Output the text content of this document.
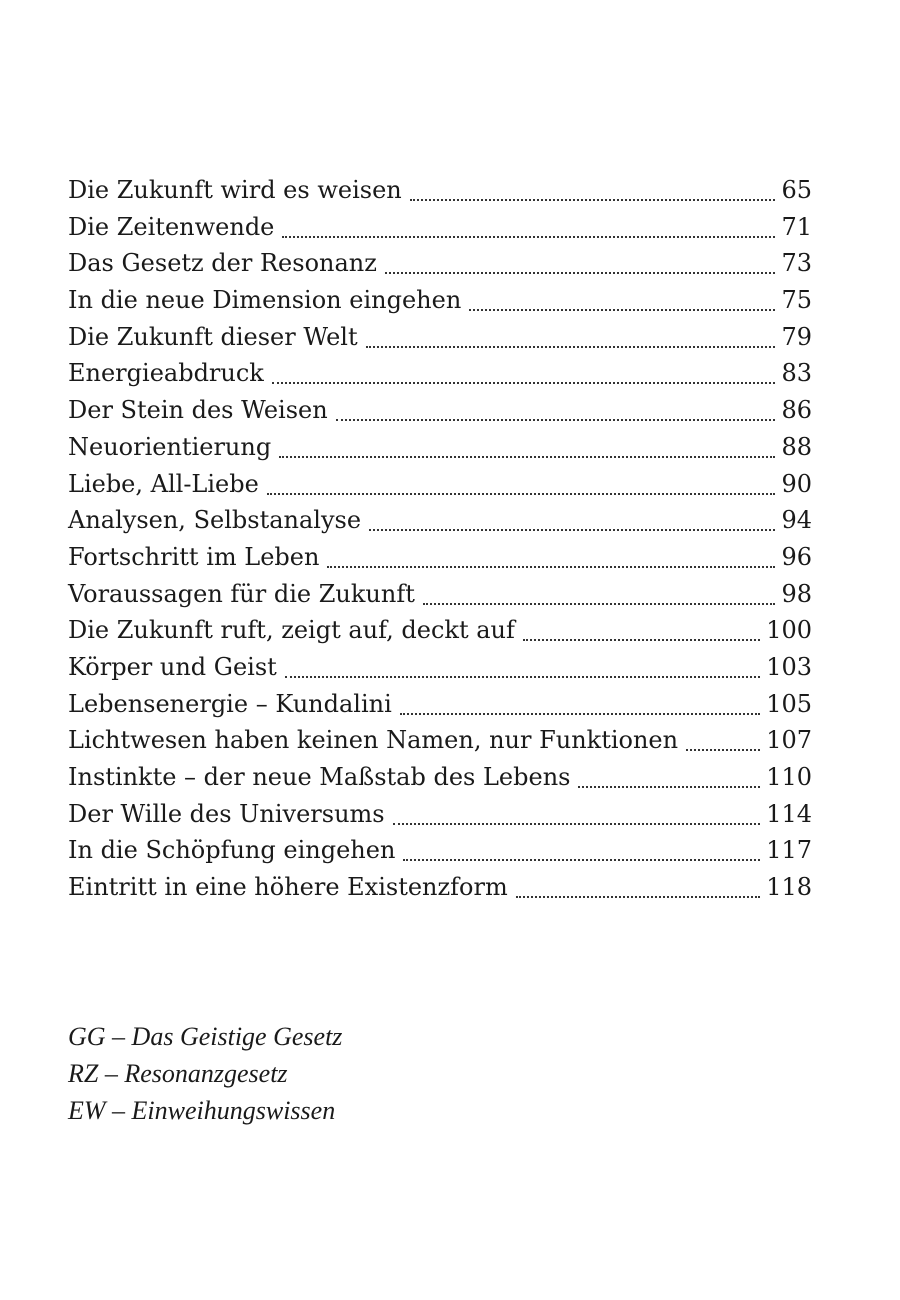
Die Zukunft wird es weisen	65
Die Zeitenwende	71
Das Gesetz der Resonanz	73
In die neue Dimension eingehen	75
Die Zukunft dieser Welt	79
Energieabdruck	83
Der Stein des Weisen	86
Neuorientierung	88
Liebe, All-Liebe	90
Analysen, Selbstanalyse	94
Fortschritt im Leben	96
Voraussagen für die Zukunft	98
Die Zukunft ruft, zeigt auf, deckt auf	100
Körper und Geist	103
Lebensenergie – Kundalini	105
Lichtwesen haben keinen Namen, nur Funktionen	107
Instinkte – der neue Maßstab des Lebens	110
Der Wille des Universums	114
In die Schöpfung eingehen	117
Eintritt in eine höhere Existenzform	118
GG – Das Geistige Gesetz
RZ – Resonanzgesetz
EW – Einweihungswissen
